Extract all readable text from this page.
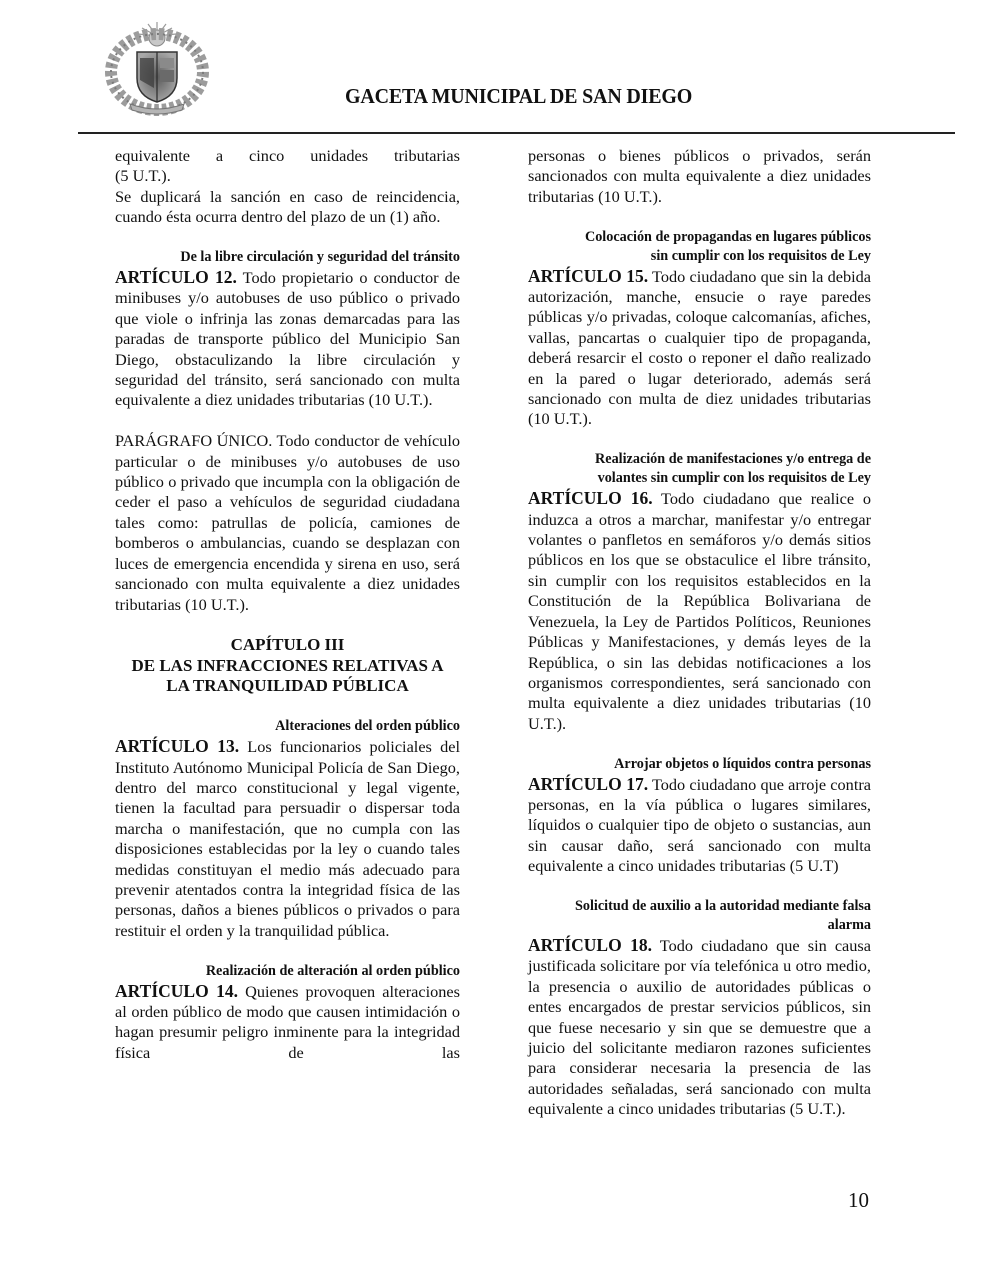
GACETA MUNICIPAL DE SAN DIEGO

equivalente a cinco unidades tributarias

(5 U.T.).

Se duplicará la sanción en caso de reincidencia, cuando ésta ocurra dentro del plazo de un (1) año.

De la libre circulación y seguridad del tránsito

ARTÍCULO 12. Todo propietario o conductor de minibuses y/o autobuses de uso público o privado que viole o infrinja las zonas demarcadas para las paradas de transporte público del Municipio San Diego, obstaculizando la libre circulación y seguridad del tránsito, será sancionado con multa equivalente a diez unidades tributarias (10 U.T.).

PARÁGRAFO ÚNICO. Todo conductor de vehículo particular o de minibuses y/o autobuses de uso público o privado que incumpla con la obligación de ceder el paso a vehículos de seguridad ciudadana tales como: patrullas de policía, camiones de bomberos o ambulancias, cuando se desplazan con luces de emergencia encendida y sirena en uso, será sancionado con multa equivalente a diez unidades tributarias (10 U.T.).

CAPÍTULO III

DE LAS INFRACCIONES RELATIVAS A

LA TRANQUILIDAD PÚBLICA

Alteraciones del orden público

ARTÍCULO 13. Los funcionarios policiales del Instituto Autónomo Municipal Policía de San Diego, dentro del marco constitucional y legal vigente, tienen la facultad para persuadir o dispersar toda marcha o manifestación, que no cumpla con las disposiciones establecidas por la ley o cuando tales medidas constituyan el medio más adecuado para prevenir atentados contra la integridad física de las personas, daños a bienes públicos o privados o para restituir el orden y la tranquilidad pública.

Realización de alteración al orden público

ARTÍCULO 14. Quienes provoquen alteraciones al orden público de modo que causen intimidación o hagan presumir peligro inminente para la integridad física de las

personas o bienes públicos o privados, serán sancionados con multa equivalente a diez unidades tributarias (10 U.T.).

Colocación de propagandas en lugares públicos

sin cumplir con los requisitos de Ley

ARTÍCULO 15. Todo ciudadano que sin la debida autorización, manche, ensucie o raye paredes públicas y/o privadas, coloque calcomanías, afiches, vallas, pancartas o cualquier tipo de propaganda, deberá resarcir el costo o reponer el daño realizado en la pared o lugar deteriorado, además será sancionado con multa de diez unidades tributarias (10 U.T.).

Realización de manifestaciones y/o entrega de

volantes sin cumplir con los requisitos de Ley

ARTÍCULO 16. Todo ciudadano que realice o induzca a otros a marchar, manifestar y/o entregar volantes o panfletos en semáforos y/o demás sitios públicos en los que se obstaculice el libre tránsito, sin cumplir con los requisitos establecidos en la Constitución de la República Bolivariana de Venezuela, la Ley de Partidos Políticos, Reuniones Públicas y Manifestaciones, y demás leyes de la República, o sin las debidas notificaciones a los organismos correspondientes, será sancionado con multa equivalente a diez unidades tributarias (10 U.T.).

Arrojar objetos o líquidos contra personas

ARTÍCULO 17. Todo ciudadano que arroje contra personas, en la vía pública o lugares similares, líquidos o cualquier tipo de objeto o sustancias, aun sin causar daño, será sancionado con multa equivalente a cinco unidades tributarias (5 U.T)

Solicitud de auxilio a la autoridad mediante falsa

alarma

ARTÍCULO 18. Todo ciudadano que sin causa justificada solicitare por vía telefónica u otro medio, la presencia o auxilio de autoridades públicas o entes encargados de prestar servicios públicos, sin que fuese necesario y sin que se demuestre que a juicio del solicitante mediaron razones suficientes para considerar necesaria la presencia de las autoridades señaladas, será sancionado con multa equivalente a cinco unidades tributarias (5 U.T.).

10
